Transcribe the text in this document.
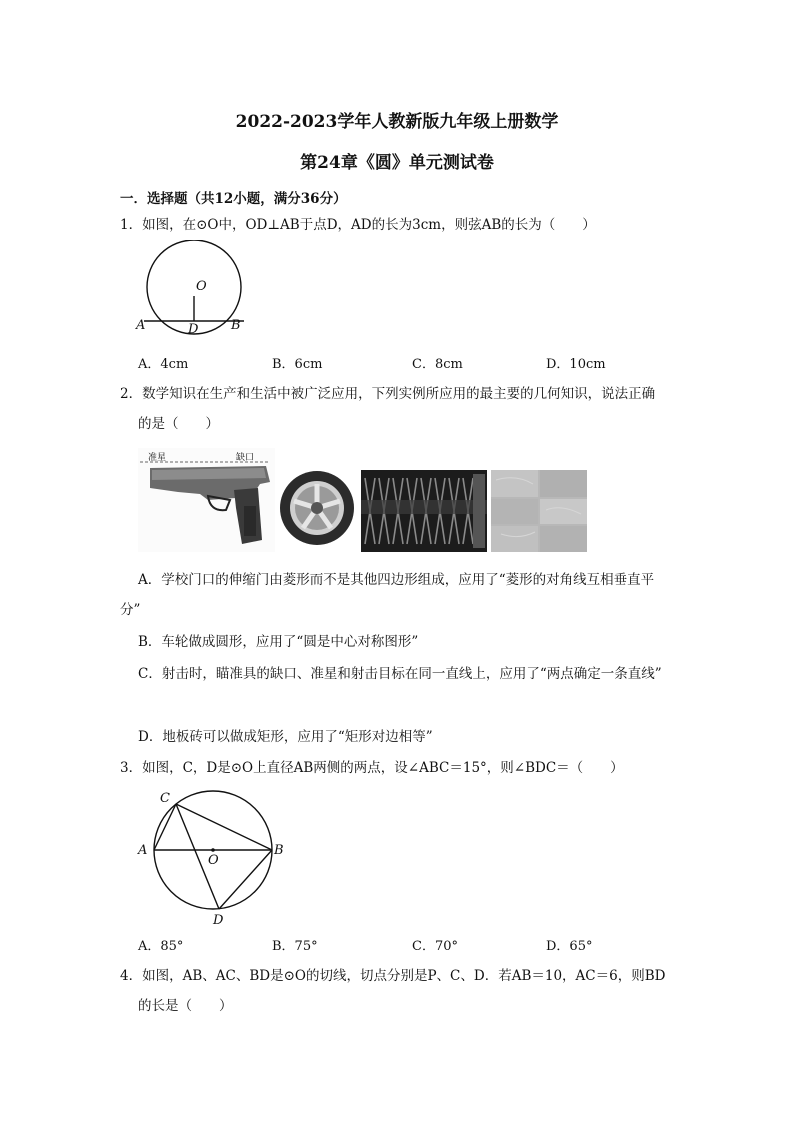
2022-2023学年人教新版九年级上册数学
第24章《圆》单元测试卷
一．选择题（共12小题，满分36分）
1．如图，在⊙O中，OD⊥AB于点D，AD的长为3cm，则弦AB的长为（　　）
O
A	D	B
A．4cm	B．6cm	C．8cm	D．10cm
2．数学知识在生产和生活中被广泛应用，下列实例所应用的最主要的几何知识，说法正确
的是（　　）
准星	缺口
A．学校门口的伸缩门由菱形而不是其他四边形组成，应用了“菱形的对角线互相垂直平
分”
B．车轮做成圆形，应用了“圆是中心对称图形”
C．射击时，瞄准具的缺口、准星和射击目标在同一直线上，应用了“两点确定一条直线”
D．地板砖可以做成矩形，应用了“矩形对边相等”
3．如图，C，D是⊙O上直径AB两侧的两点，设∠ABC＝15°，则∠BDC＝（　　）
C
A
O
B
D
A．85°	B．75°	C．70°	D．65°
4．如图，AB、AC、BD是⊙O的切线，切点分别是P、C、D．若AB＝10，AC＝6，则BD
的长是（　　）
